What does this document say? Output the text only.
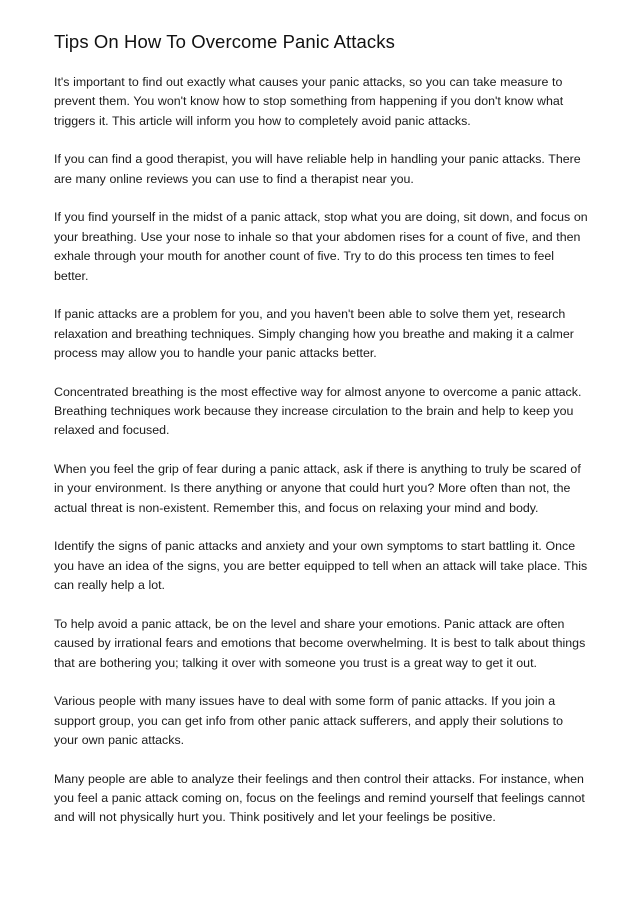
Tips On How To Overcome Panic Attacks

It's important to find out exactly what causes your panic attacks, so you can take measure to prevent them. You won't know how to stop something from happening if you don't know what triggers it. This article will inform you how to completely avoid panic attacks.

If you can find a good therapist, you will have reliable help in handling your panic attacks. There are many online reviews you can use to find a therapist near you.

If you find yourself in the midst of a panic attack, stop what you are doing, sit down, and focus on your breathing. Use your nose to inhale so that your abdomen rises for a count of five, and then exhale through your mouth for another count of five. Try to do this process ten times to feel better.

If panic attacks are a problem for you, and you haven't been able to solve them yet, research relaxation and breathing techniques. Simply changing how you breathe and making it a calmer process may allow you to handle your panic attacks better.

Concentrated breathing is the most effective way for almost anyone to overcome a panic attack. Breathing techniques work because they increase circulation to the brain and help to keep you relaxed and focused.

When you feel the grip of fear during a panic attack, ask if there is anything to truly be scared of in your environment. Is there anything or anyone that could hurt you? More often than not, the actual threat is non-existent. Remember this, and focus on relaxing your mind and body.

Identify the signs of panic attacks and anxiety and your own symptoms to start battling it. Once you have an idea of the signs, you are better equipped to tell when an attack will take place. This can really help a lot.

To help avoid a panic attack, be on the level and share your emotions. Panic attack are often caused by irrational fears and emotions that become overwhelming. It is best to talk about things that are bothering you; talking it over with someone you trust is a great way to get it out.

Various people with many issues have to deal with some form of panic attacks. If you join a support group, you can get info from other panic attack sufferers, and apply their solutions to your own panic attacks.

Many people are able to analyze their feelings and then control their attacks. For instance, when you feel a panic attack coming on, focus on the feelings and remind yourself that feelings cannot and will not physically hurt you. Think positively and let your feelings be positive.
